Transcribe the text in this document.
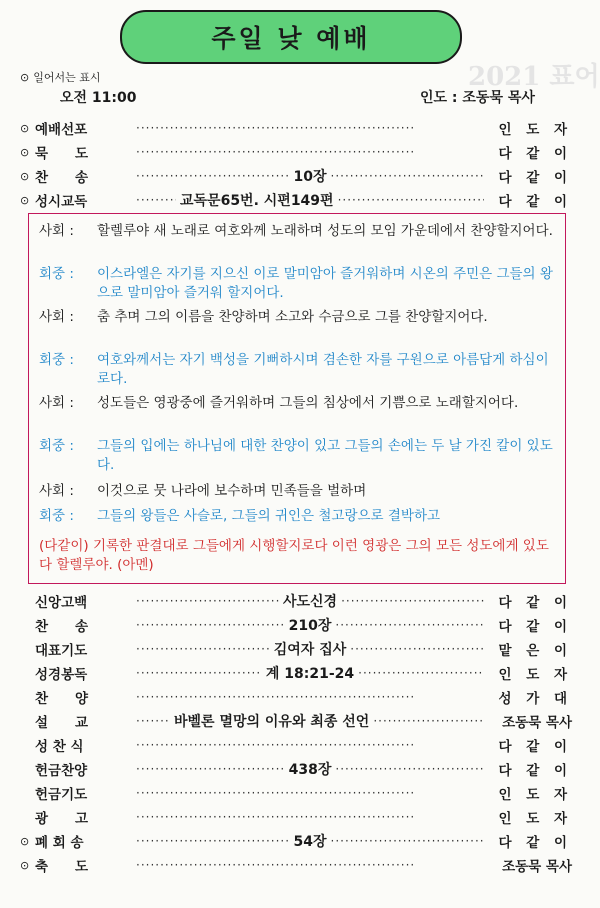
2021 표어
주일 낮 예배
⊙ 일어서는 표시
오전 11:00	인도 : 조동묵 목사
⊙ 예배선포 ·····	인 도 자
⊙ 묵　　도 ·····	다 같 이
⊙ 찬　　송 ·····	10장 ·····	다 같 이
⊙ 성시교독 ·····	교독문65번. 시편149편 ·····	다 같 이
사회 :	할렐루야 새 노래로 여호와께 노래하며 성도의 모임 가운데에서 찬양할지어다.
회중 :	이스라엘은 자기를 지으신 이로 말미암아 즐거워하며 시온의 주민은 그들의 왕으로 말미암아 즐거워 할지어다.
사회 :	춤 추며 그의 이름을 찬양하며 소고와 수금으로 그를 찬양할지어다.
회중 :	여호와께서는 자기 백성을 기뻐하시며 겸손한 자를 구원으로 아름답게 하심이로다.
사회 :	성도들은 영광중에 즐거워하며 그들의 침상에서 기쁨으로 노래할지어다.
회중 :	그들의 입에는 하나님에 대한 찬양이 있고 그들의 손에는 두 날 가진 칼이 있도다.
사회 :	이것으로 뭇 나라에 보수하며 민족들을 벌하며
회중 :	그들의 왕들은 사슬로, 그들의 귀인은 철고랑으로 결박하고
(다같이) 기록한 판결대로 그들에게 시행할지로다 이런 영광은 그의 모든 성도에게 있도다 할렐루야. (아멘)
신앙고백 ·····	사도신경 ·····	다 같 이
찬　　송 ·····	210장 ·····	다 같 이
대표기도 ·····	김여자 집사 ·····	맡 은 이
성경봉독 ·····	계 18:21-24 ·····	인 도 자
찬　　양 ·····	성 가 대
설　　교 ·····	바벨론 멸망의 이유와 최종 선언 ·····	조동묵 목사
성 찬 식 ·····	다 같 이
헌금찬양 ·····	438장 ·····	다 같 이
헌금기도 ·····	인 도 자
광　　고 ·····	인 도 자
⊙ 폐 회 송 ·····	54장 ·····	다 같 이
⊙ 축　　도 ·····	조동묵 목사
